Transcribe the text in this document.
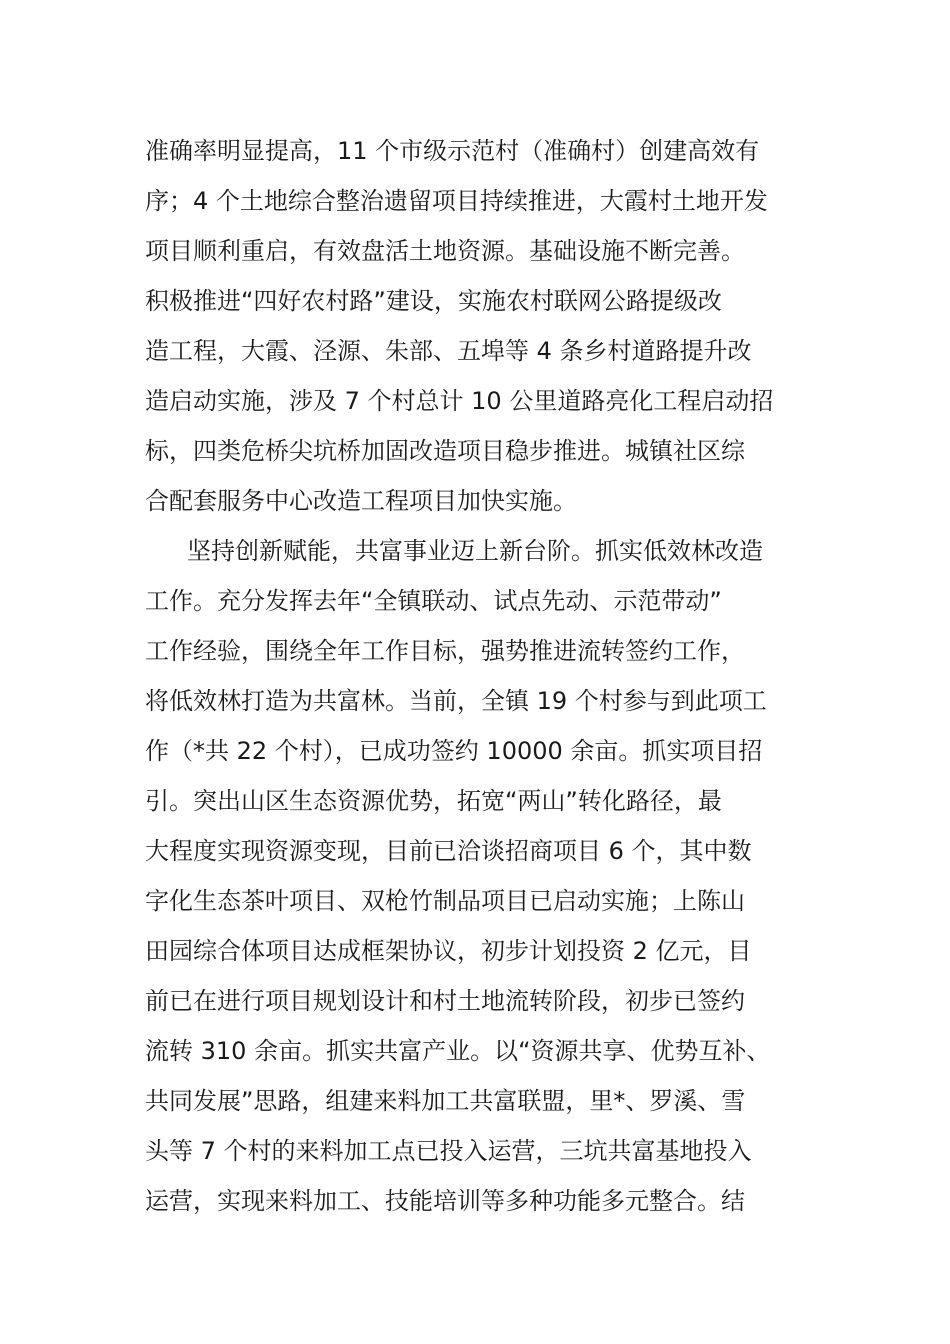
准确率明显提高，11 个市级示范村（准确村）创建高效有
序；4 个土地综合整治遗留项目持续推进，大霞村土地开发
项目顺利重启，有效盘活土地资源。基础设施不断完善。
积极推进“四好农村路”建设，实施农村联网公路提级改
造工程，大霞、泾源、朱部、五埠等 4 条乡村道路提升改
造启动实施，涉及 7 个村总计 10 公里道路亮化工程启动招
标，四类危桥尖坑桥加固改造项目稳步推进。城镇社区综
合配套服务中心改造工程项目加快实施。
坚持创新赋能，共富事业迈上新台阶。抓实低效林改造
工作。充分发挥去年“全镇联动、试点先动、示范带动”
工作经验，围绕全年工作目标，强势推进流转签约工作，
将低效林打造为共富林。当前，全镇 19 个村参与到此项工
作（*共 22 个村），已成功签约 10000 余亩。抓实项目招
引。突出山区生态资源优势，拓宽“两山”转化路径，最
大程度实现资源变现，目前已洽谈招商项目 6 个，其中数
字化生态茶叶项目、双枪竹制品项目已启动实施；上陈山
田园综合体项目达成框架协议，初步计划投资 2 亿元，目
前已在进行项目规划设计和村土地流转阶段，初步已签约
流转 310 余亩。抓实共富产业。以“资源共享、优势互补、
共同发展”思路，组建来料加工共富联盟，里*、罗溪、雪
头等 7 个村的来料加工点已投入运营，三坑共富基地投入
运营，实现来料加工、技能培训等多种功能多元整合。结
